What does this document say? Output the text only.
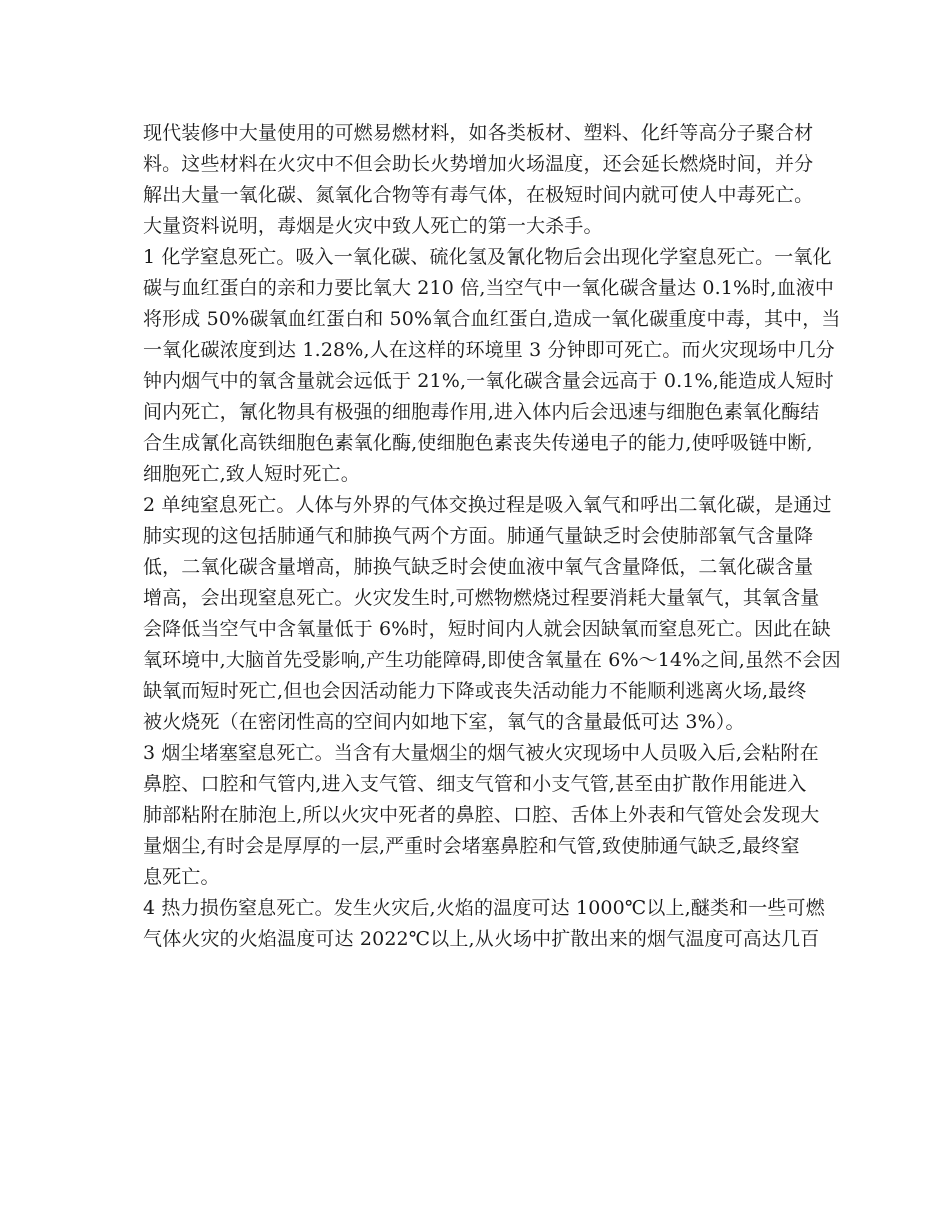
现代装修中大量使用的可燃易燃材料，如各类板材、塑料、化纤等高分子聚合材
料。这些材料在火灾中不但会助长火势增加火场温度，还会延长燃烧时间，并分
解出大量一氧化碳、氮氧化合物等有毒气体，在极短时间内就可使人中毒死亡。
大量资料说明，毒烟是火灾中致人死亡的第一大杀手。
1 化学窒息死亡。吸入一氧化碳、硫化氢及氰化物后会出现化学窒息死亡。一氧化
碳与血红蛋白的亲和力要比氧大 210 倍,当空气中一氧化碳含量达 0.1%时,血液中
将形成 50%碳氧血红蛋白和 50%氧合血红蛋白,造成一氧化碳重度中毒，其中，当
一氧化碳浓度到达 1.28%,人在这样的环境里 3 分钟即可死亡。而火灾现场中几分
钟内烟气中的氧含量就会远低于 21%,一氧化碳含量会远高于 0.1%,能造成人短时
间内死亡，氰化物具有极强的细胞毒作用,进入体内后会迅速与细胞色素氧化酶结
合生成氰化高铁细胞色素氧化酶,使细胞色素丧失传递电子的能力,使呼吸链中断,
细胞死亡,致人短时死亡。
2 单纯窒息死亡。人体与外界的气体交换过程是吸入氧气和呼出二氧化碳，是通过
肺实现的这包括肺通气和肺换气两个方面。肺通气量缺乏时会使肺部氧气含量降
低，二氧化碳含量增高，肺换气缺乏时会使血液中氧气含量降低，二氧化碳含量
增高，会出现窒息死亡。火灾发生时,可燃物燃烧过程要消耗大量氧气，其氧含量
会降低当空气中含氧量低于 6%时，短时间内人就会因缺氧而窒息死亡。因此在缺
氧环境中,大脑首先受影响,产生功能障碍,即使含氧量在 6%～14%之间,虽然不会因
缺氧而短时死亡,但也会因活动能力下降或丧失活动能力不能顺利逃离火场,最终
被火烧死（在密闭性高的空间内如地下室，氧气的含量最低可达 3%）。
3 烟尘堵塞窒息死亡。当含有大量烟尘的烟气被火灾现场中人员吸入后,会粘附在
鼻腔、口腔和气管内,进入支气管、细支气管和小支气管,甚至由扩散作用能进入
肺部粘附在肺泡上,所以火灾中死者的鼻腔、口腔、舌体上外表和气管处会发现大
量烟尘,有时会是厚厚的一层,严重时会堵塞鼻腔和气管,致使肺通气缺乏,最终窒
息死亡。
4 热力损伤窒息死亡。发生火灾后,火焰的温度可达 1000℃以上,醚类和一些可燃
气体火灾的火焰温度可达 2022℃以上,从火场中扩散出来的烟气温度可高达几百
